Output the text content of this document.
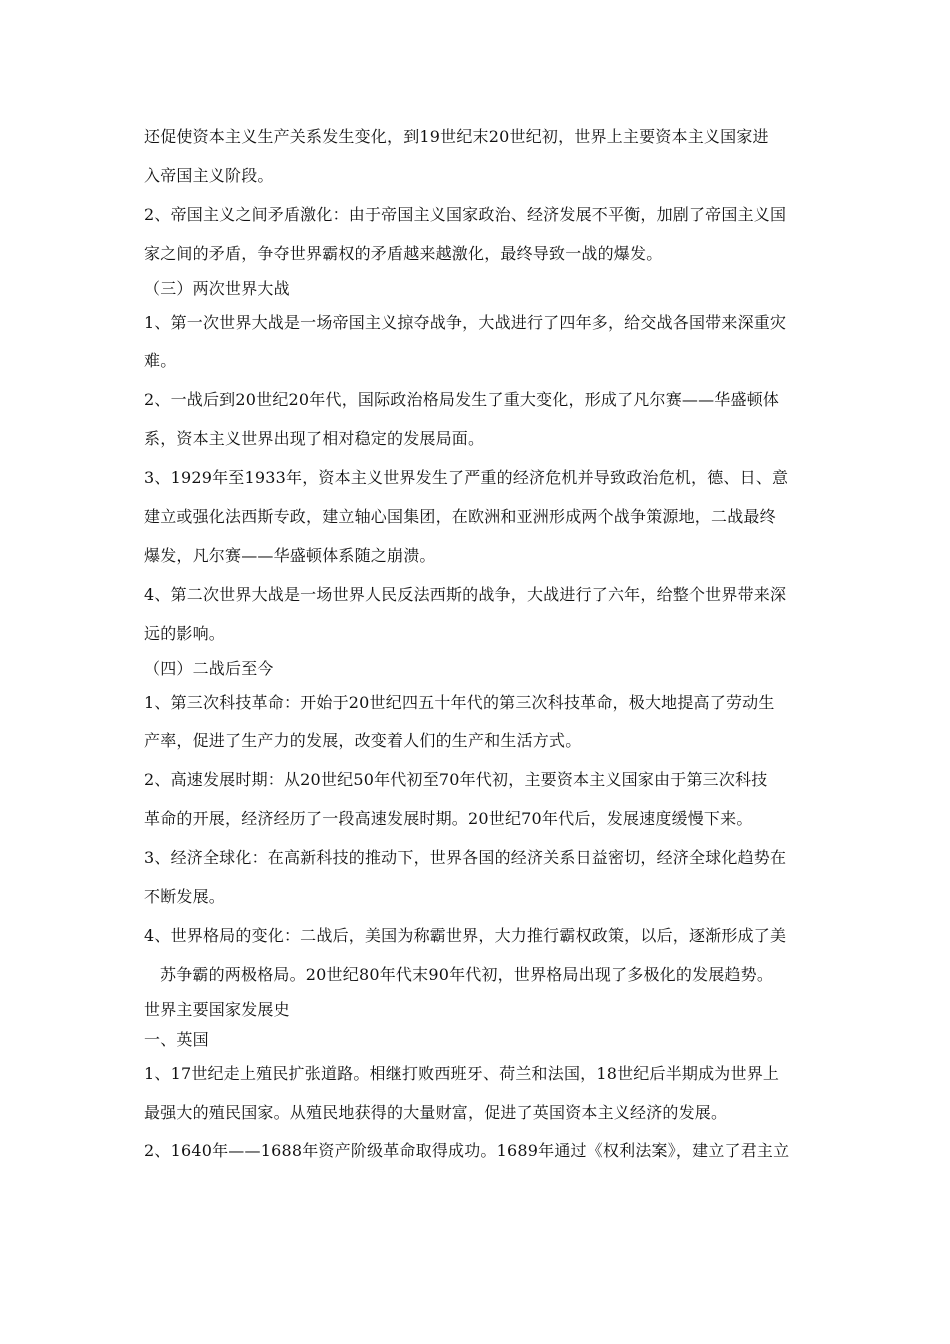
还促使资本主义生产关系发生变化，到19世纪末20世纪初，世界上主要资本主义国家进
入帝国主义阶段。
2、帝国主义之间矛盾激化：由于帝国主义国家政治、经济发展不平衡，加剧了帝国主义国
家之间的矛盾，争夺世界霸权的矛盾越来越激化，最终导致一战的爆发。
（三）两次世界大战
1、第一次世界大战是一场帝国主义掠夺战争，大战进行了四年多，给交战各国带来深重灾
难。
2、一战后到20世纪20年代，国际政治格局发生了重大变化，形成了凡尔赛——华盛顿体
系，资本主义世界出现了相对稳定的发展局面。
3、1929年至1933年，资本主义世界发生了严重的经济危机并导致政治危机，德、日、意
建立或强化法西斯专政，建立轴心国集团，在欧洲和亚洲形成两个战争策源地，二战最终
爆发，凡尔赛——华盛顿体系随之崩溃。
4、第二次世界大战是一场世界人民反法西斯的战争，大战进行了六年，给整个世界带来深
远的影响。
（四）二战后至今
1、第三次科技革命：开始于20世纪四五十年代的第三次科技革命，极大地提高了劳动生
产率，促进了生产力的发展，改变着人们的生产和生活方式。
2、高速发展时期：从20世纪50年代初至70年代初，主要资本主义国家由于第三次科技
革命的开展，经济经历了一段高速发展时期。20世纪70年代后，发展速度缓慢下来。
3、经济全球化：在高新科技的推动下，世界各国的经济关系日益密切，经济全球化趋势在
不断发展。
4、世界格局的变化：二战后，美国为称霸世界，大力推行霸权政策，以后，逐渐形成了美
苏争霸的两极格局。20世纪80年代末90年代初，世界格局出现了多极化的发展趋势。
世界主要国家发展史
一、英国
1、17世纪走上殖民扩张道路。相继打败西班牙、荷兰和法国，18世纪后半期成为世界上
最强大的殖民国家。从殖民地获得的大量财富，促进了英国资本主义经济的发展。
2、1640年——1688年资产阶级革命取得成功。1689年通过《权利法案》，建立了君主立
